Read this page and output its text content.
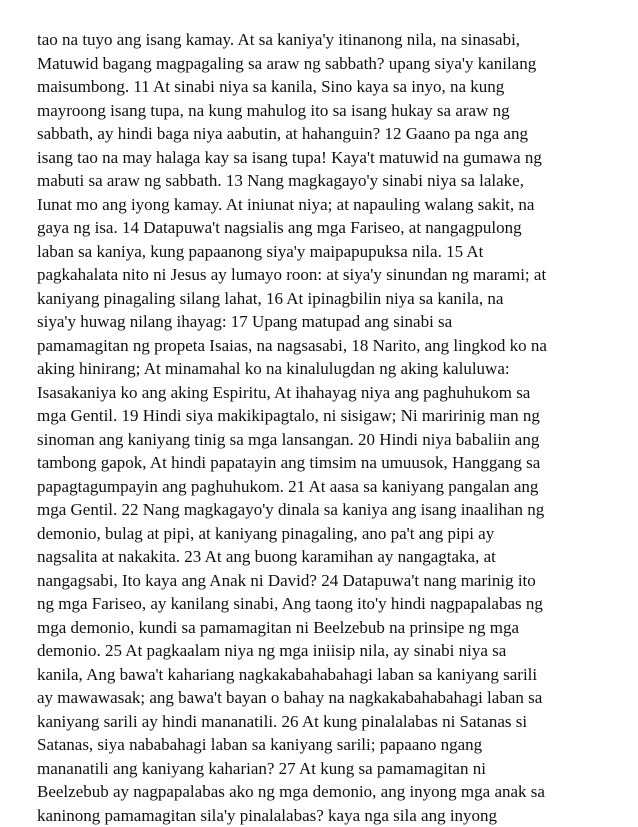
tao na tuyo ang isang kamay. At sa kaniya'y itinanong nila, na sinasabi,
Matuwid bagang magpagaling sa araw ng sabbath? upang siya'y kanilang
maisumbong. 11 At sinabi niya sa kanila, Sino kaya sa inyo, na kung
mayroong isang tupa, na kung mahulog ito sa isang hukay sa araw ng
sabbath, ay hindi baga niya aabutin, at hahanguin? 12 Gaano pa nga ang
isang tao na may halaga kay sa isang tupa! Kaya't matuwid na gumawa ng
mabuti sa araw ng sabbath. 13 Nang magkagayo'y sinabi niya sa lalake,
Iunat mo ang iyong kamay. At iniunat niya; at napauling walang sakit, na
gaya ng isa. 14 Datapuwa't nagsialis ang mga Fariseo, at nangagpulong
laban sa kaniya, kung papaanong siya'y maipapupuksa nila. 15 At
pagkahalata nito ni Jesus ay lumayo roon: at siya'y sinundan ng marami; at
kaniyang pinagaling silang lahat, 16 At ipinagbilin niya sa kanila, na
siya'y huwag nilang ihayag: 17 Upang matupad ang sinabi sa
pamamagitan ng propeta Isaias, na nagsasabi, 18 Narito, ang lingkod ko na
aking hinirang; At minamahal ko na kinalulugdan ng aking kaluluwa:
Isasakaniya ko ang aking Espiritu, At ihahayag niya ang paghuhukom sa
mga Gentil. 19 Hindi siya makikipagtalo, ni sisigaw; Ni maririnig man ng
sinoman ang kaniyang tinig sa mga lansangan. 20 Hindi niya babaliin ang
tambong gapok, At hindi papatayin ang timsim na umuusok, Hanggang sa
papagtagumpayin ang paghuhukom. 21 At aasa sa kaniyang pangalan ang
mga Gentil. 22 Nang magkagayo'y dinala sa kaniya ang isang inaalihan ng
demonio, bulag at pipi, at kaniyang pinagaling, ano pa't ang pipi ay
nagsalita at nakakita. 23 At ang buong karamihan ay nangagtaka, at
nangagsabi, Ito kaya ang Anak ni David? 24 Datapuwa't nang marinig ito
ng mga Fariseo, ay kanilang sinabi, Ang taong ito'y hindi nagpapalabas ng
mga demonio, kundi sa pamamagitan ni Beelzebub na prinsipe ng mga
demonio. 25 At pagkaalam niya ng mga iniisip nila, ay sinabi niya sa
kanila, Ang bawa't kahariang nagkakabahabahagi laban sa kaniyang sarili
ay mawawasak; ang bawa't bayan o bahay na nagkakabahabahagi laban sa
kaniyang sarili ay hindi mananatili. 26 At kung pinalalabas ni Satanas si
Satanas, siya nababahagi laban sa kaniyang sarili; papaano ngang
mananatili ang kaniyang kaharian? 27 At kung sa pamamagitan ni
Beelzebub ay nagpapalabas ako ng mga demonio, ang inyong mga anak sa
kaninong pamamagitan sila'y pinalalabas? kaya nga sila ang inyong
